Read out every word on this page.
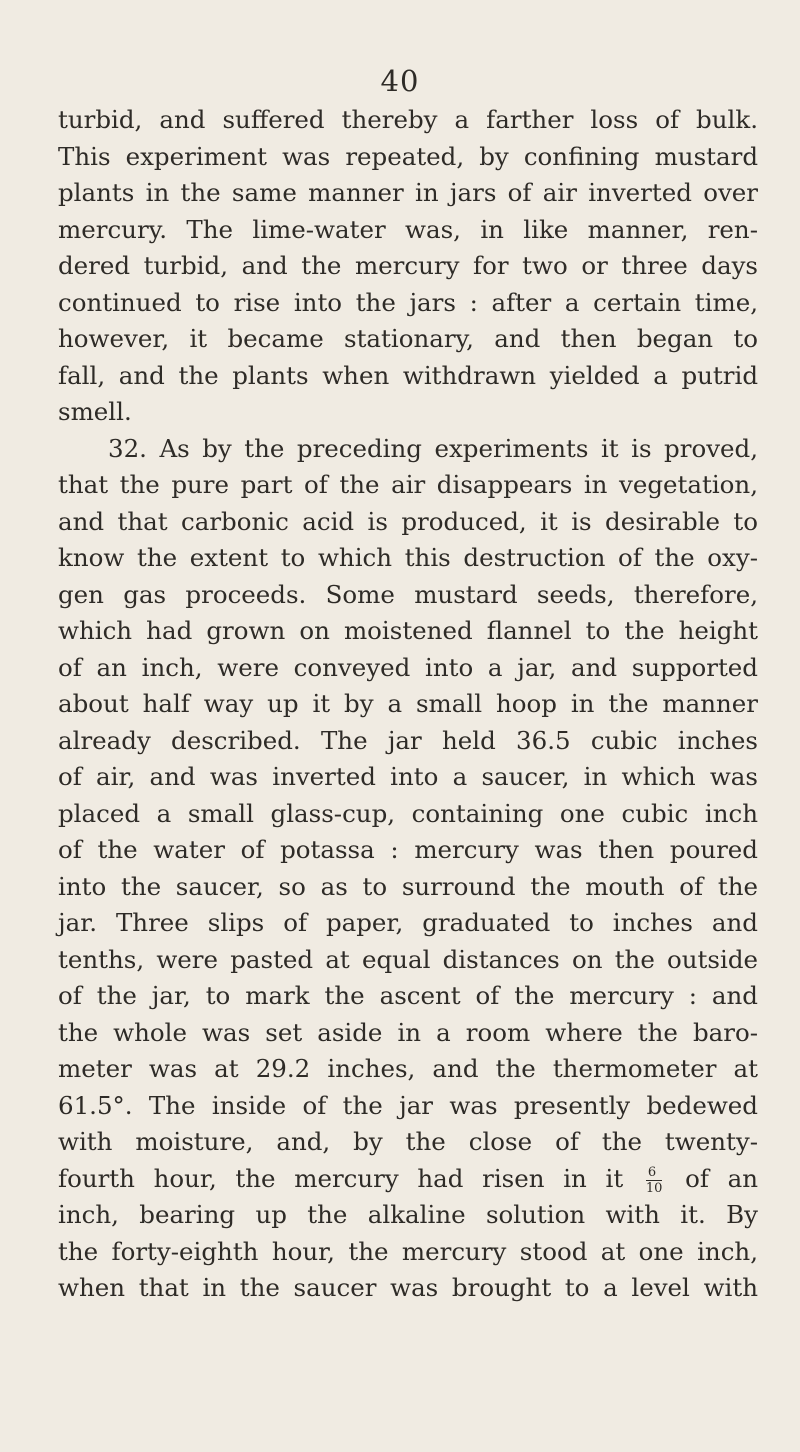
40
turbid, and suffered thereby a farther loss of bulk.
This experiment was repeated, by confining mustard
plants in the same manner in jars of air inverted over
mercury. The lime-water was, in like manner, ren-
dered turbid, and the mercury for two or three days
continued to rise into the jars : after a certain time,
however, it became stationary, and then began to
fall, and the plants when withdrawn yielded a putrid
smell.
32. As by the preceding experiments it is proved,
that the pure part of the air disappears in vegetation,
and that carbonic acid is produced, it is desirable to
know the extent to which this destruction of the oxy-
gen gas proceeds. Some mustard seeds, therefore,
which had grown on moistened flannel to the height
of an inch, were conveyed into a jar, and supported
about half way up it by a small hoop in the manner
already described. The jar held 36.5 cubic inches
of air, and was inverted into a saucer, in which was
placed a small glass-cup, containing one cubic inch
of the water of potassa : mercury was then poured
into the saucer, so as to surround the mouth of the
jar. Three slips of paper, graduated to inches and
tenths, were pasted at equal distances on the outside
of the jar, to mark the ascent of the mercury : and
the whole was set aside in a room where the baro-
meter was at 29.2 inches, and the thermometer at
61.5°. The inside of the jar was presently bedewed
with moisture, and, by the close of the twenty-
fourth hour, the mercury had risen in it $\frac{6}{10}$ of an
inch, bearing up the alkaline solution with it. By
the forty-eighth hour, the mercury stood at one inch,
when that in the saucer was brought to a level with
